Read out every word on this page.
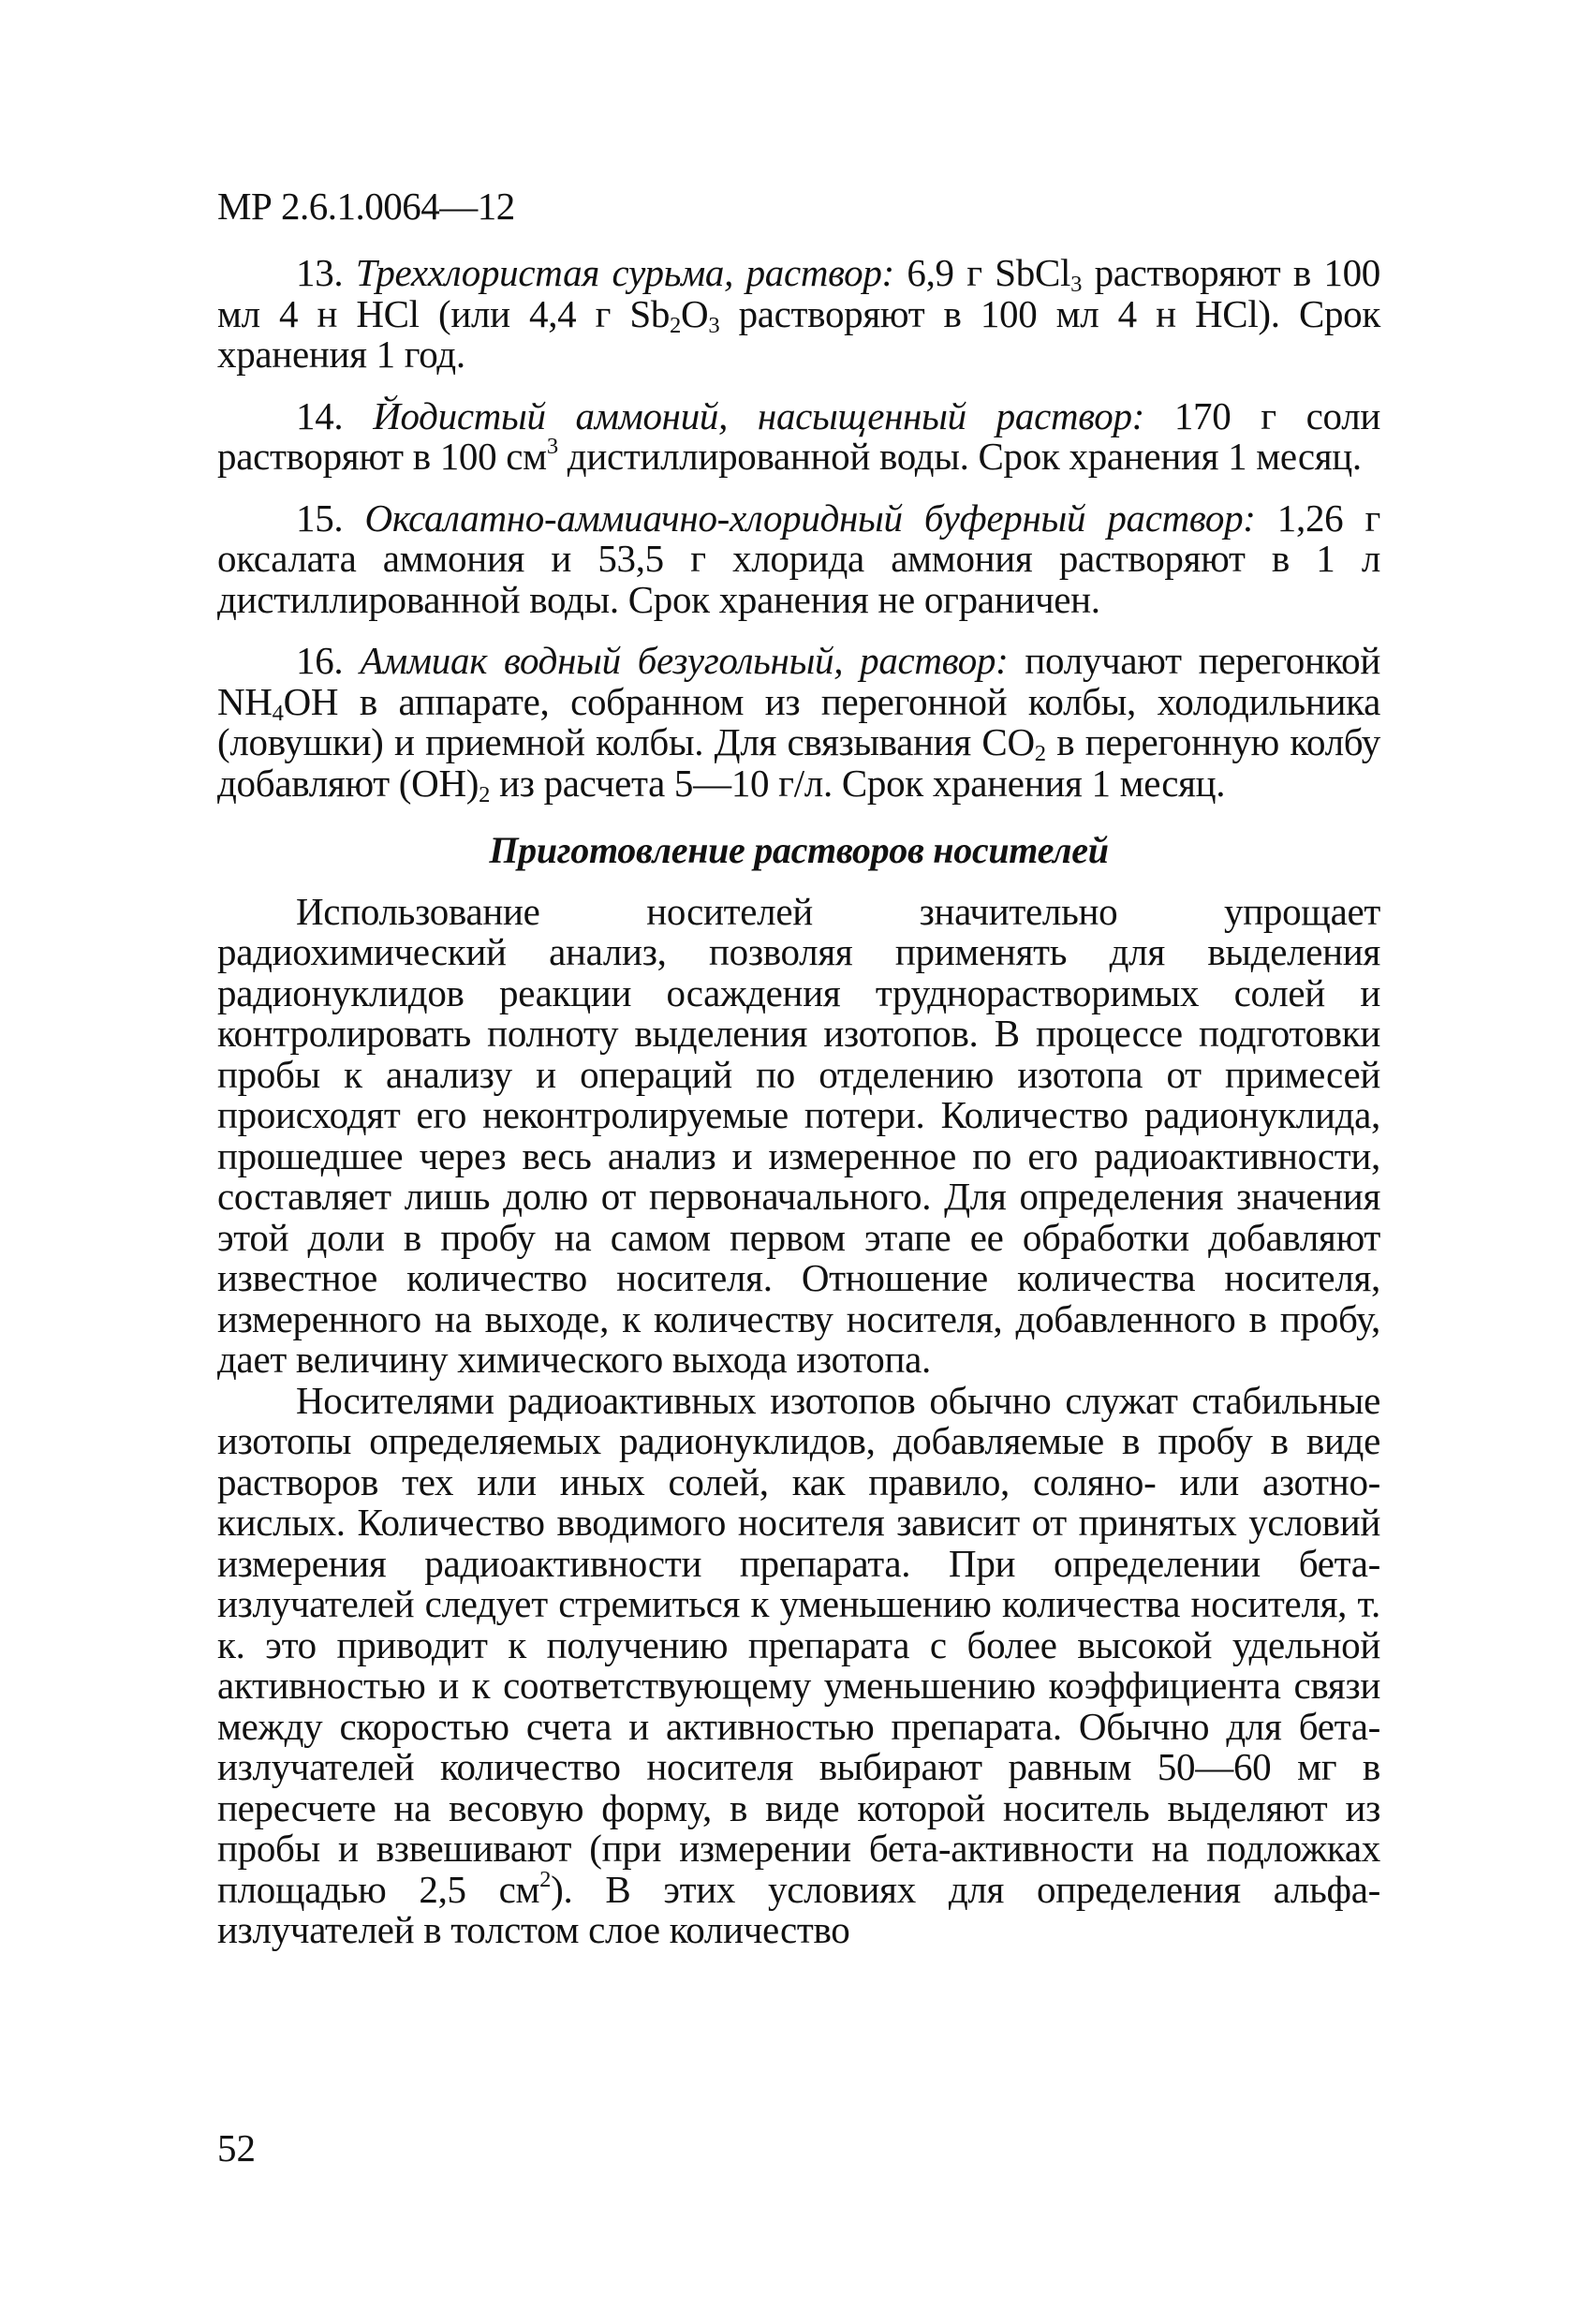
МР 2.6.1.0064—12

13. Треххлористая сурьма, раствор: 6,9 г SbCl$_3$ растворяют в 100 мл 4 н HCl (или 4,4 г $Sb_2O_3$ растворяют в 100 мл 4 н HCl). Срок хранения 1 год.

14. Йодистый аммоний, насыщенный раствор: 170 г соли растворяют в 100 $см^3$ дистиллированной воды. Срок хранения 1 месяц.

15. Оксалатно-аммиачно-хлоридный буферный раствор: 1,26 г оксалата аммония и 53,5 г хлорида аммония растворяют в 1 л дистиллированной воды. Срок хранения не ограничен.

16. Аммиак водный безугольный, раствор: получают перегонкой $NH_4OH$ в аппарате, собранном из перегонной колбы, холодильника (ловушки) и приемной колбы. Для связывания $CO_2$ в перегонную колбу добавляют $(OH)_2$ из расчета 5—10 г/л. Срок хранения 1 месяц.

Приготовление растворов носителей

Использование носителей значительно упрощает радиохимический анализ, позволяя применять для выделения радионуклидов реакции осаждения труднорастворимых солей и контролировать полноту выделения изотопов. В процессе подготовки пробы к анализу и операций по отделению изотопа от примесей происходят его неконтролируемые потери. Количество радионуклида, прошедшее через весь анализ и измеренное по его радиоактивности, составляет лишь долю от первоначального. Для определения значения этой доли в пробу на самом первом этапе ее обработки добавляют известное количество носителя. Отношение количества носителя, измеренного на выходе, к количеству носителя, добавленного в пробу, дает величину химического выхода изотопа.

Носителями радиоактивных изотопов обычно служат стабильные изотопы определяемых радионуклидов, добавляемые в пробу в виде растворов тех или иных солей, как правило, солянo- или азотно-кислых. Количество вводимого носителя зависит от принятых условий измерения радиоактивности препарата. При определении бета-излучателей следует стремиться к уменьшению количества носителя, т. к. это приводит к получению препарата с более высокой удельной активностью и к соответствующему уменьшению коэффициента связи между скоростью счета и активностью препарата. Обычно для бета-излучателей количество носителя выбирают равным 50—60 мг в пересчете на весовую форму, в виде которой носитель выделяют из пробы и взвешивают (при измерении бета-активности на подложках площадью 2,5 $см^2$). В этих условиях для определения альфа-излучателей в толстом слое количество

52
